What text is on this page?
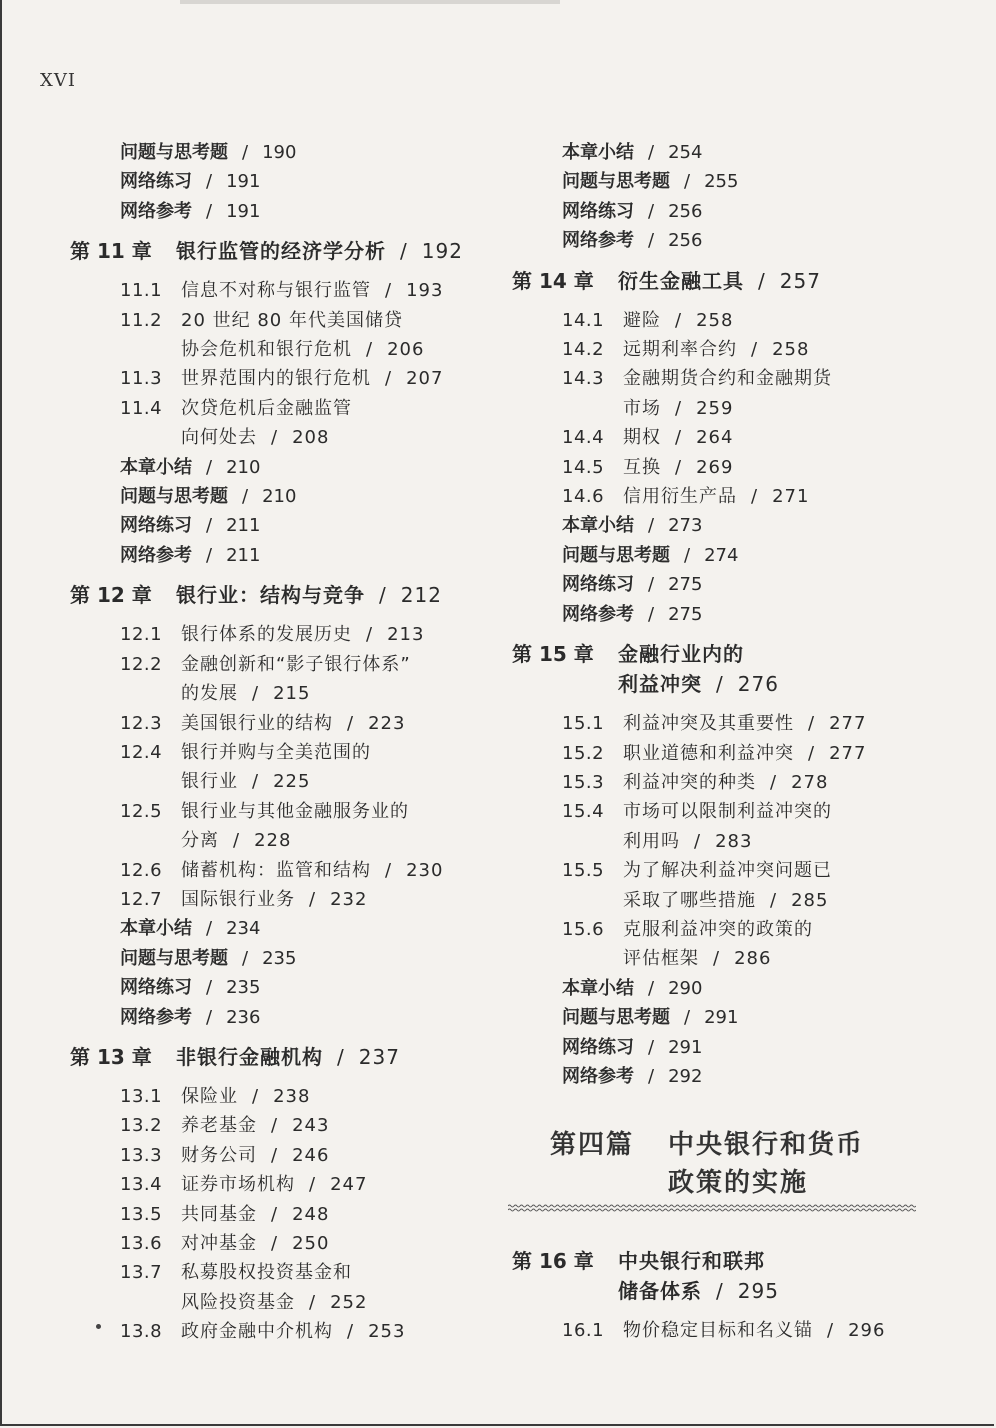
XVI
问题与思考题 / 190
网络练习 / 191
网络参考 / 191
第 11 章	银行监管的经济学分析 / 192
11.1	信息不对称与银行监管 / 193
11.2	20 世纪 80 年代美国储贷
协会危机和银行危机 / 206
11.3	世界范围内的银行危机 / 207
11.4	次贷危机后金融监管
向何处去 / 208
本章小结 / 210
问题与思考题 / 210
网络练习 / 211
网络参考 / 211
第 12 章	银行业：结构与竞争 / 212
12.1	银行体系的发展历史 / 213
12.2	金融创新和“影子银行体系”
的发展 / 215
12.3	美国银行业的结构 / 223
12.4	银行并购与全美范围的
银行业 / 225
12.5	银行业与其他金融服务业的
分离 / 228
12.6	储蓄机构：监管和结构 / 230
12.7	国际银行业务 / 232
本章小结 / 234
问题与思考题 / 235
网络练习 / 235
网络参考 / 236
第 13 章	非银行金融机构 / 237
13.1	保险业 / 238
13.2	养老基金 / 243
13.3	财务公司 / 246
13.4	证券市场机构 / 247
13.5	共同基金 / 248
13.6	对冲基金 / 250
13.7	私募股权投资基金和
风险投资基金 / 252
13.8	政府金融中介机构 / 253
本章小结 / 254
问题与思考题 / 255
网络练习 / 256
网络参考 / 256
第 14 章	衍生金融工具 / 257
14.1	避险 / 258
14.2	远期利率合约 / 258
14.3	金融期货合约和金融期货
市场 / 259
14.4	期权 / 264
14.5	互换 / 269
14.6	信用衍生产品 / 271
本章小结 / 273
问题与思考题 / 274
网络练习 / 275
网络参考 / 275
第 15 章	金融行业内的
利益冲突 / 276
15.1	利益冲突及其重要性 / 277
15.2	职业道德和利益冲突 / 277
15.3	利益冲突的种类 / 278
15.4	市场可以限制利益冲突的
利用吗 / 283
15.5	为了解决利益冲突问题已
采取了哪些措施 / 285
15.6	克服利益冲突的政策的
评估框架 / 286
本章小结 / 290
问题与思考题 / 291
网络练习 / 291
网络参考 / 292
第四篇 中央银行和货币
政策的实施
第 16 章	中央银行和联邦
储备体系 / 295
16.1	物价稳定目标和名义锚 / 296
